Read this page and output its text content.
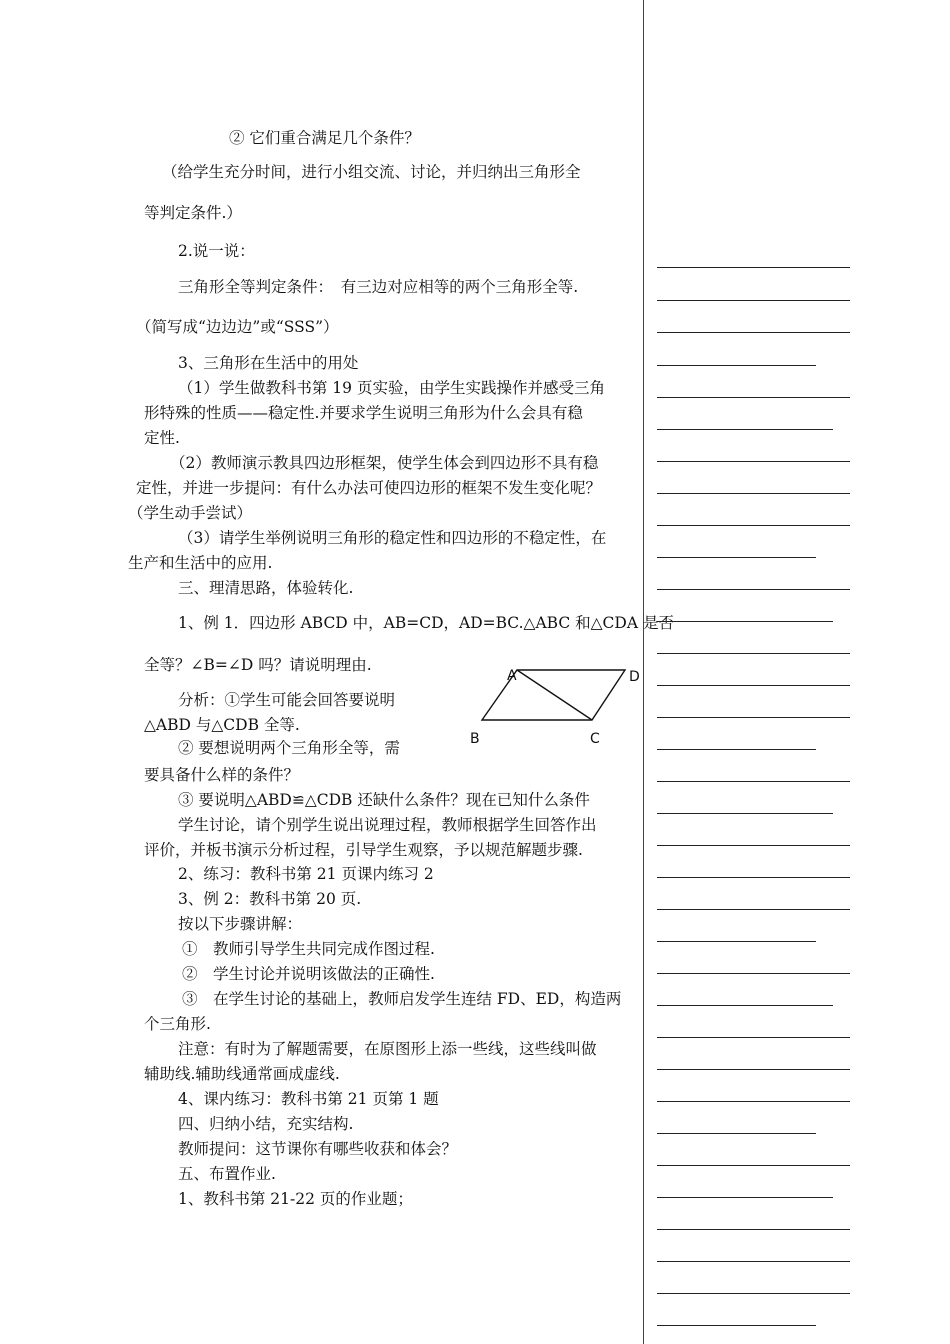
② 它们重合满足几个条件？
（给学生充分时间，进行小组交流、讨论，并归纳出三角形全
等判定条件.）
2.说一说：
三角形全等判定条件：　有三边对应相等的两个三角形全等.
（简写成“边边边”或“SSS”）
3、三角形在生活中的用处
（1）学生做教科书第 19 页实验，由学生实践操作并感受三角
形特殊的性质——稳定性.并要求学生说明三角形为什么会具有稳
定性.
（2）教师演示教具四边形框架，使学生体会到四边形不具有稳
定性，并进一步提问：有什么办法可使四边形的框架不发生变化呢？
（学生动手尝试）
（3）请学生举例说明三角形的稳定性和四边形的不稳定性，在
生产和生活中的应用.
三、理清思路，体验转化.
1、例 1．四边形 ABCD 中，AB=CD，AD=BC.△ABC 和△CDA 是否
全等？∠B=∠D 吗？请说明理由.
分析：①学生可能会回答要说明
△ABD 与△CDB 全等.
② 要想说明两个三角形全等，需
要具备什么样的条件？
③ 要说明△ABD≌△CDB 还缺什么条件？现在已知什么条件
学生讨论，请个别学生说出说理过程，教师根据学生回答作出
评价，并板书演示分析过程，引导学生观察，予以规范解题步骤.
2、练习：教科书第 21 页课内练习 2
3、例 2：教科书第 20 页.
按以下步骤讲解：
①　教师引导学生共同完成作图过程.
②　学生讨论并说明该做法的正确性.
③　在学生讨论的基础上，教师启发学生连结 FD、ED，构造两
个三角形.
注意：有时为了解题需要，在原图形上添一些线，这些线叫做
辅助线.辅助线通常画成虚线.
4、课内练习：教科书第 21 页第 1 题
四、归纳小结，充实结构.
教师提问：这节课你有哪些收获和体会？
五、布置作业.
1、教科书第 21-22 页的作业题；
A	D
B	C
